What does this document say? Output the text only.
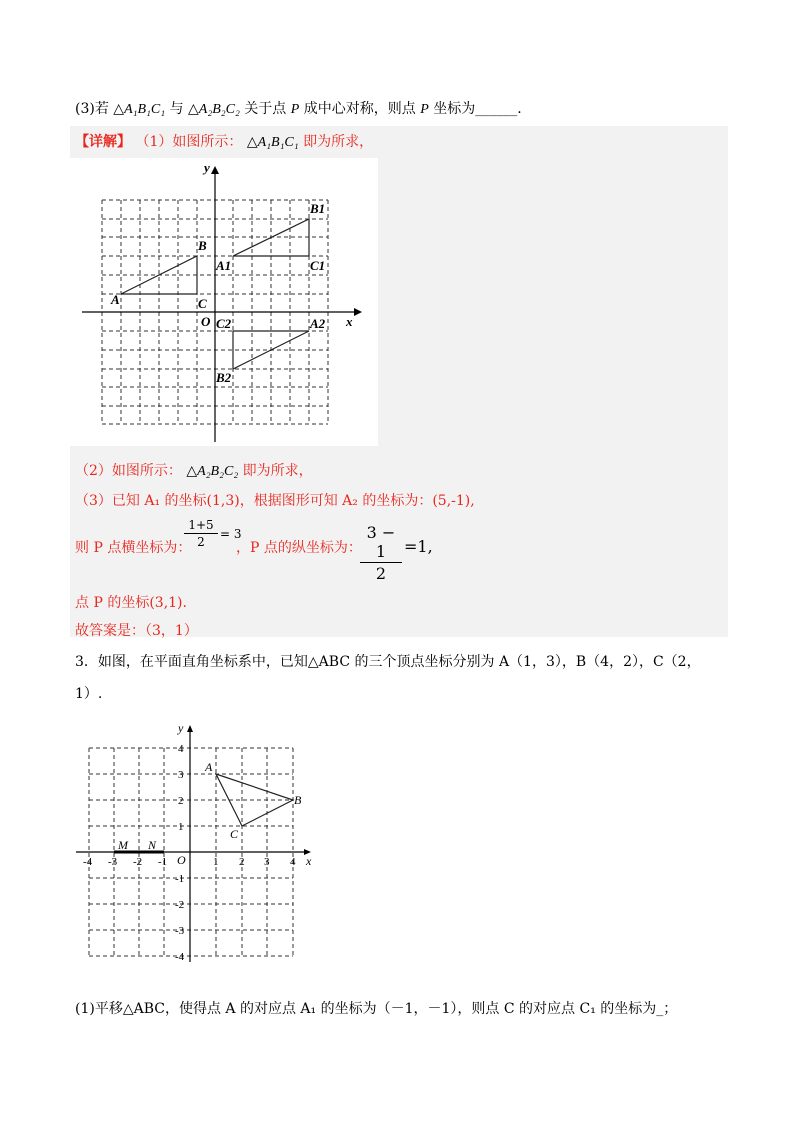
(3)若 △A₁B₁C₁ 与 △A₂B₂C₂ 关于点 P 成中心对称，则点 P 坐标为______.
【详解】 （1）如图所示： △A₁B₁C₁ 即为所求，
y
x
O
A
B
C
A1
B1
C1
A2
B2
C2
（2）如图所示： △A₂B₂C₂ 即为所求，
（3）已知 A₁ 的坐标(1,3)，根据图形可知 A₂ 的坐标为：(5,-1),
则 P 点横坐标为：
1+5
2
= 3
，P 点的纵坐标为：
3 − 1
2
=1,
点 P 的坐标(3,1).
故答案是：（3，1）
3．如图，在平面直角坐标系中，已知△ABC 的三个顶点坐标分别为 A（1，3），B（4，2），C（2，
1）.
y
x
O
A
B
C
M N
-4 -3 -2 -1	1 2 3 4
4
3
2
1
-1
-2
-3
-4
(1)平移△ABC，使得点 A 的对应点 A₁ 的坐标为（－1，－1），则点 C 的对应点 C₁ 的坐标为_；
